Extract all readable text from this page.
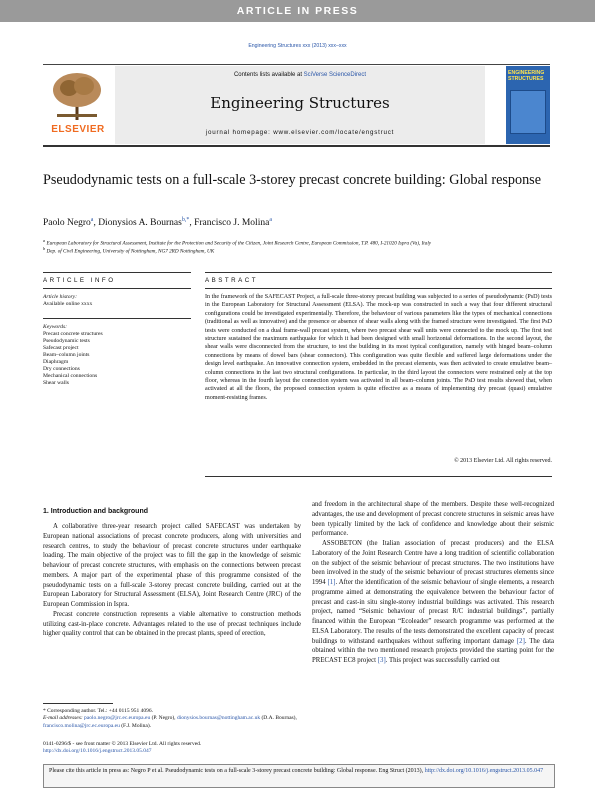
ARTICLE IN PRESS
Engineering Structures xxx (2013) xxx–xxx
ELSEVIER
Contents lists available at SciVerse ScienceDirect
Engineering Structures
journal homepage: www.elsevier.com/locate/engstruct
ENGINEERING STRUCTURES
Pseudodynamic tests on a full-scale 3-storey precast concrete building: Global response
Paolo Negro$^a$, Dionysios A. Bournas$^{b,*}$, Francisco J. Molina$^a$
$^a$ European Laboratory for Structural Assessment, Institute for the Protection and Security of the Citizen, Joint Research Centre, European Commission, T.P. 480, I-21020 Ispra (Va), Italy
$^b$ Dep. of Civil Engineering, University of Nottingham, NG7 2RD Nottingham, UK
ARTICLE INFO	ABSTRACT
Article history:
Available online xxxx
Keywords:
Precast concrete structures
Pseudodynamic tests
Safecast project
Beam–column joints
Diaphragm
Dry connections
Mechanical connections
Shear walls
In the framework of the SAFECAST Project, a full-scale three-storey precast building was subjected to a series of pseudodynamic (PsD) tests in the European Laboratory for Structural Assessment (ELSA). The mock-up was constructed in such a way that four different structural configurations could be investigated experimentally. Therefore, the behaviour of various parameters like the types of mechanical connections (traditional as well as innovative) and the presence or absence of shear walls along with the framed structure were investigated. The first PsD tests were conducted on a dual frame-wall precast system, where two precast shear wall units were connected to the mock up. The first test structure sustained the maximum earthquake for which it had been designed with small horizontal deformations. In the second layout, the shear walls were disconnected from the structure, to test the building in its most typical configuration, namely with hinged beam–column connections by means of dowel bars (shear connectors). This configuration was quite flexible and suffered large deformations under the design level earthquake. An innovative connection system, embedded in the precast elements, was then activated to create emulative beam–column connections in the last two structural configurations. In particular, in the third layout the connectors were restrained only at the top floor, whereas in the fourth layout the connection system was activated in all beam–column joints. The PsD test results showed that, when activated at all the floors, the proposed connection system is quite effective as a means of implementing dry precast (quasi) emulative moment-resisting frames.
© 2013 Elsevier Ltd. All rights reserved.
1. Introduction and background

A collaborative three-year research project called SAFECAST was undertaken by European national associations of precast concrete producers, along with universities and research centres, to study the behaviour of precast concrete structures under earthquake loading. The main objective of the project was to fill the gap in the knowledge of seismic behaviour of precast concrete structures, with emphasis on the connections between precast members. A major part of the experimental phase of this programme consisted of the pseudodynamic tests on a full-scale 3-storey precast concrete building, carried out at the European Laboratory for Structural Assessment (ELSA), Joint Research Centre (JRC) of the European Commission in Ispra.

Precast concrete construction represents a viable alternative to construction methods utilizing cast-in-place concrete. Advantages related to the use of precast techniques include higher quality control that can be obtained in the precast plants, speed of erection,

and freedom in the architectural shape of the members. Despite these well-recognized advantages, the use and development of precast concrete structures in seismic areas have been typically limited by the lack of confidence and knowledge about their seismic performance.

ASSOBETON (the Italian association of precast producers) and the ELSA Laboratory of the Joint Research Centre have a long tradition of scientific collaboration on the subject of the seismic behaviour of precast structures. The two institutions have been involved in the study of the seismic behaviour of precast structures elements since 1994 [1]. After the identification of the seismic behaviour of single elements, a research programme aimed at demonstrating the equivalence between the behaviour factor of precast and cast-in situ single-storey industrial buildings was activated. This research project, named “Seismic behaviour of precast R/C industrial buildings”, partially financed within the European “Ecoleader” research programme was performed at the ELSA Laboratory. The results of the tests demonstrated the excellent capacity of precast buildings to withstand earthquakes without suffering important damage [2]. The data obtained within the two mentioned research projects provided the starting point for the PRECAST EC8 project [3]. This project was successfully carried out

* Corresponding author. Tel.: +44 0115 951 4096.
E-mail addresses: paolo.negro@jrc.ec.europa.eu (P. Negro), dionysios.bournas@nottingham.ac.uk (D.A. Bournas), francisco.molina@jrc.ec.europa.eu (F.J. Molina).
0141-0296/$ - see front matter © 2013 Elsevier Ltd. All rights reserved.
http://dx.doi.org/10.1016/j.engstruct.2013.05.047
Please cite this article in press as: Negro P et al. Pseudodynamic tests on a full-scale 3-storey precast concrete building: Global response. Eng Struct (2013), http://dx.doi.org/10.1016/j.engstruct.2013.05.047
